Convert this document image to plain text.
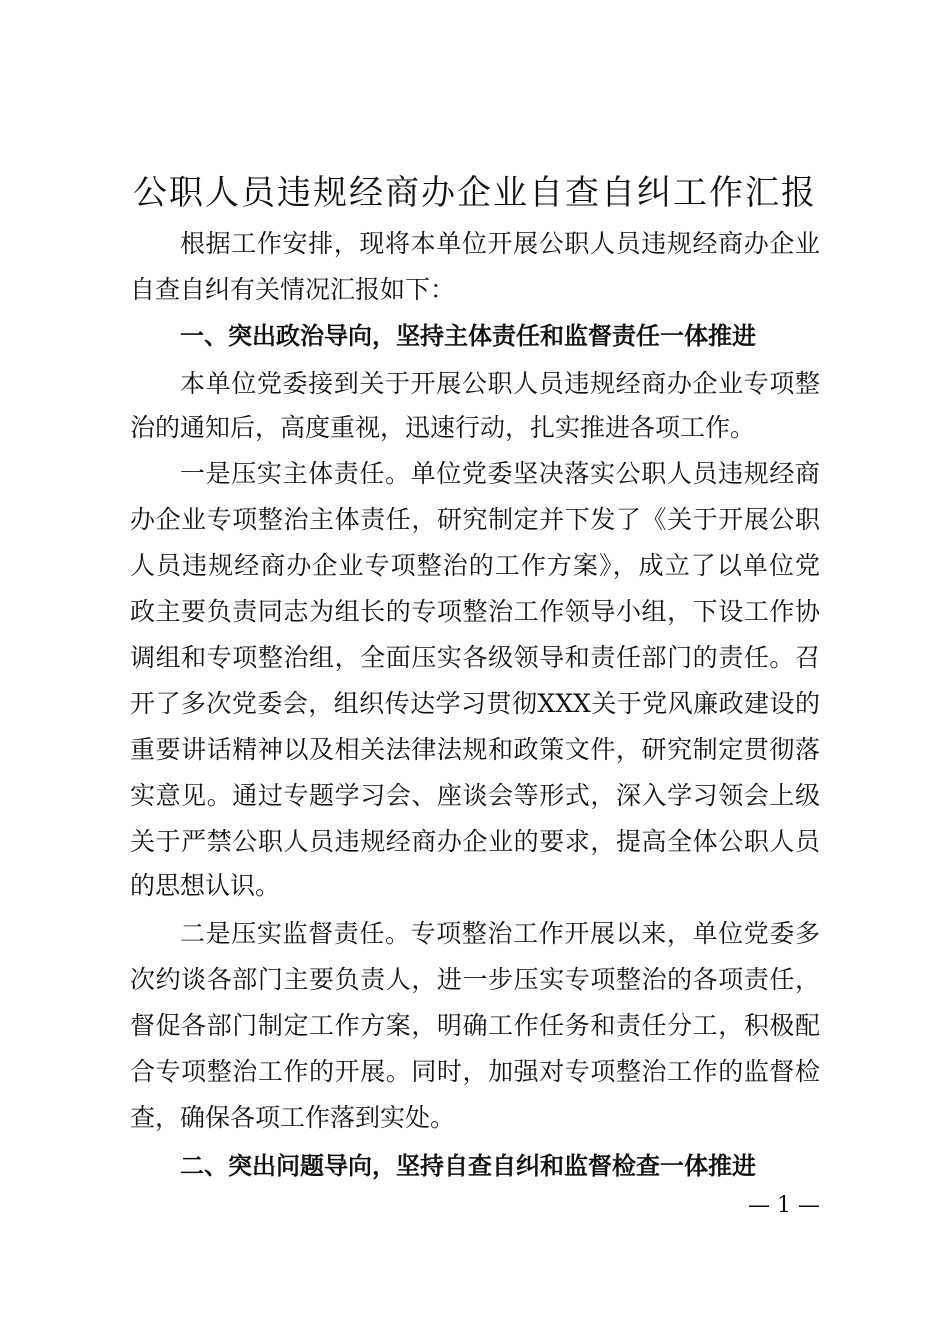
公职人员违规经商办企业自查自纠工作汇报
根据工作安排，现将本单位开展公职人员违规经商办企业
自查自纠有关情况汇报如下：
一、突出政治导向，坚持主体责任和监督责任一体推进
本单位党委接到关于开展公职人员违规经商办企业专项整
治的通知后，高度重视，迅速行动，扎实推进各项工作。
一是压实主体责任。单位党委坚决落实公职人员违规经商
办企业专项整治主体责任，研究制定并下发了《关于开展公职
人员违规经商办企业专项整治的工作方案》，成立了以单位党
政主要负责同志为组长的专项整治工作领导小组，下设工作协
调组和专项整治组，全面压实各级领导和责任部门的责任。召
开了多次党委会，组织传达学习贯彻XXX关于党风廉政建设的
重要讲话精神以及相关法律法规和政策文件，研究制定贯彻落
实意见。通过专题学习会、座谈会等形式，深入学习领会上级
关于严禁公职人员违规经商办企业的要求，提高全体公职人员
的思想认识。
二是压实监督责任。专项整治工作开展以来，单位党委多
次约谈各部门主要负责人，进一步压实专项整治的各项责任，
督促各部门制定工作方案，明确工作任务和责任分工，积极配
合专项整治工作的开展。同时，加强对专项整治工作的监督检
查，确保各项工作落到实处。
二、突出问题导向，坚持自查自纠和监督检查一体推进
— 1 —
